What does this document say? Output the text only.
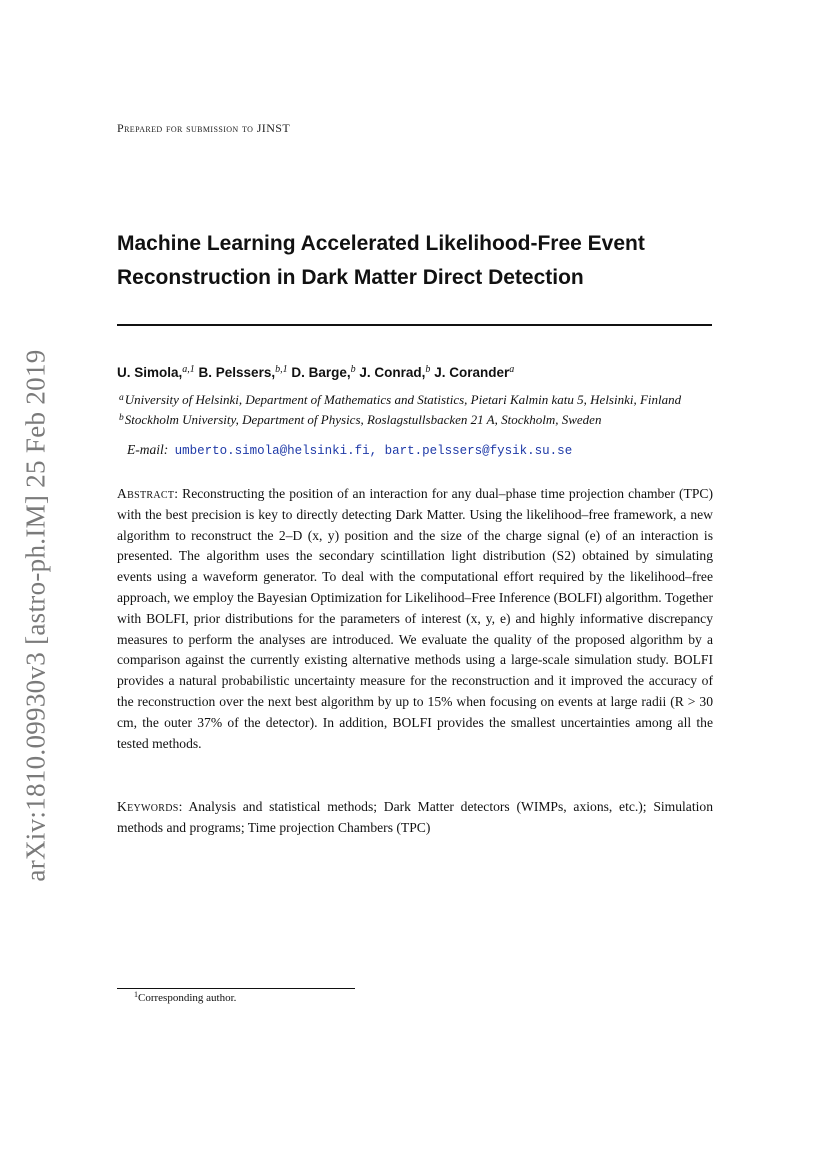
arXiv:1810.09930v3 [astro-ph.IM] 25 Feb 2019
Prepared for submission to JINST
Machine Learning Accelerated Likelihood-Free Event Reconstruction in Dark Matter Direct Detection
U. Simola,$^{a,1}$ B. Pelssers,$^{b,1}$ D. Barge,$^b$ J. Conrad,$^b$ J. Corander$^a$
$^a$University of Helsinki, Department of Mathematics and Statistics, Pietari Kalmin katu 5, Helsinki, Finland
$^b$Stockholm University, Department of Physics, Roslagstullsbacken 21 A, Stockholm, Sweden
E-mail: umberto.simola@helsinki.fi, bart.pelssers@fysik.su.se

Abstract: Reconstructing the position of an interaction for any dual–phase time projection chamber (TPC) with the best precision is key to directly detecting Dark Matter. Using the likelihood–free framework, a new algorithm to reconstruct the 2–D (x, y) position and the size of the charge signal (e) of an interaction is presented. The algorithm uses the secondary scintillation light distribution (S2) obtained by simulating events using a waveform generator. To deal with the computational effort required by the likelihood–free approach, we employ the Bayesian Optimization for Likelihood–Free Inference (BOLFI) algorithm. Together with BOLFI, prior distributions for the parameters of interest (x, y, e) and highly informative discrepancy measures to perform the analyses are introduced. We evaluate the quality of the proposed algorithm by a comparison against the currently existing alternative methods using a large-scale simulation study. BOLFI provides a natural probabilistic uncertainty measure for the reconstruction and it improved the accuracy of the reconstruction over the next best algorithm by up to 15% when focusing on events at large radii (R > 30 cm, the outer 37% of the detector). In addition, BOLFI provides the smallest uncertainties among all the tested methods.

Keywords: Analysis and statistical methods; Dark Matter detectors (WIMPs, axions, etc.); Simulation methods and programs; Time projection Chambers (TPC)

$^1$Corresponding author.
